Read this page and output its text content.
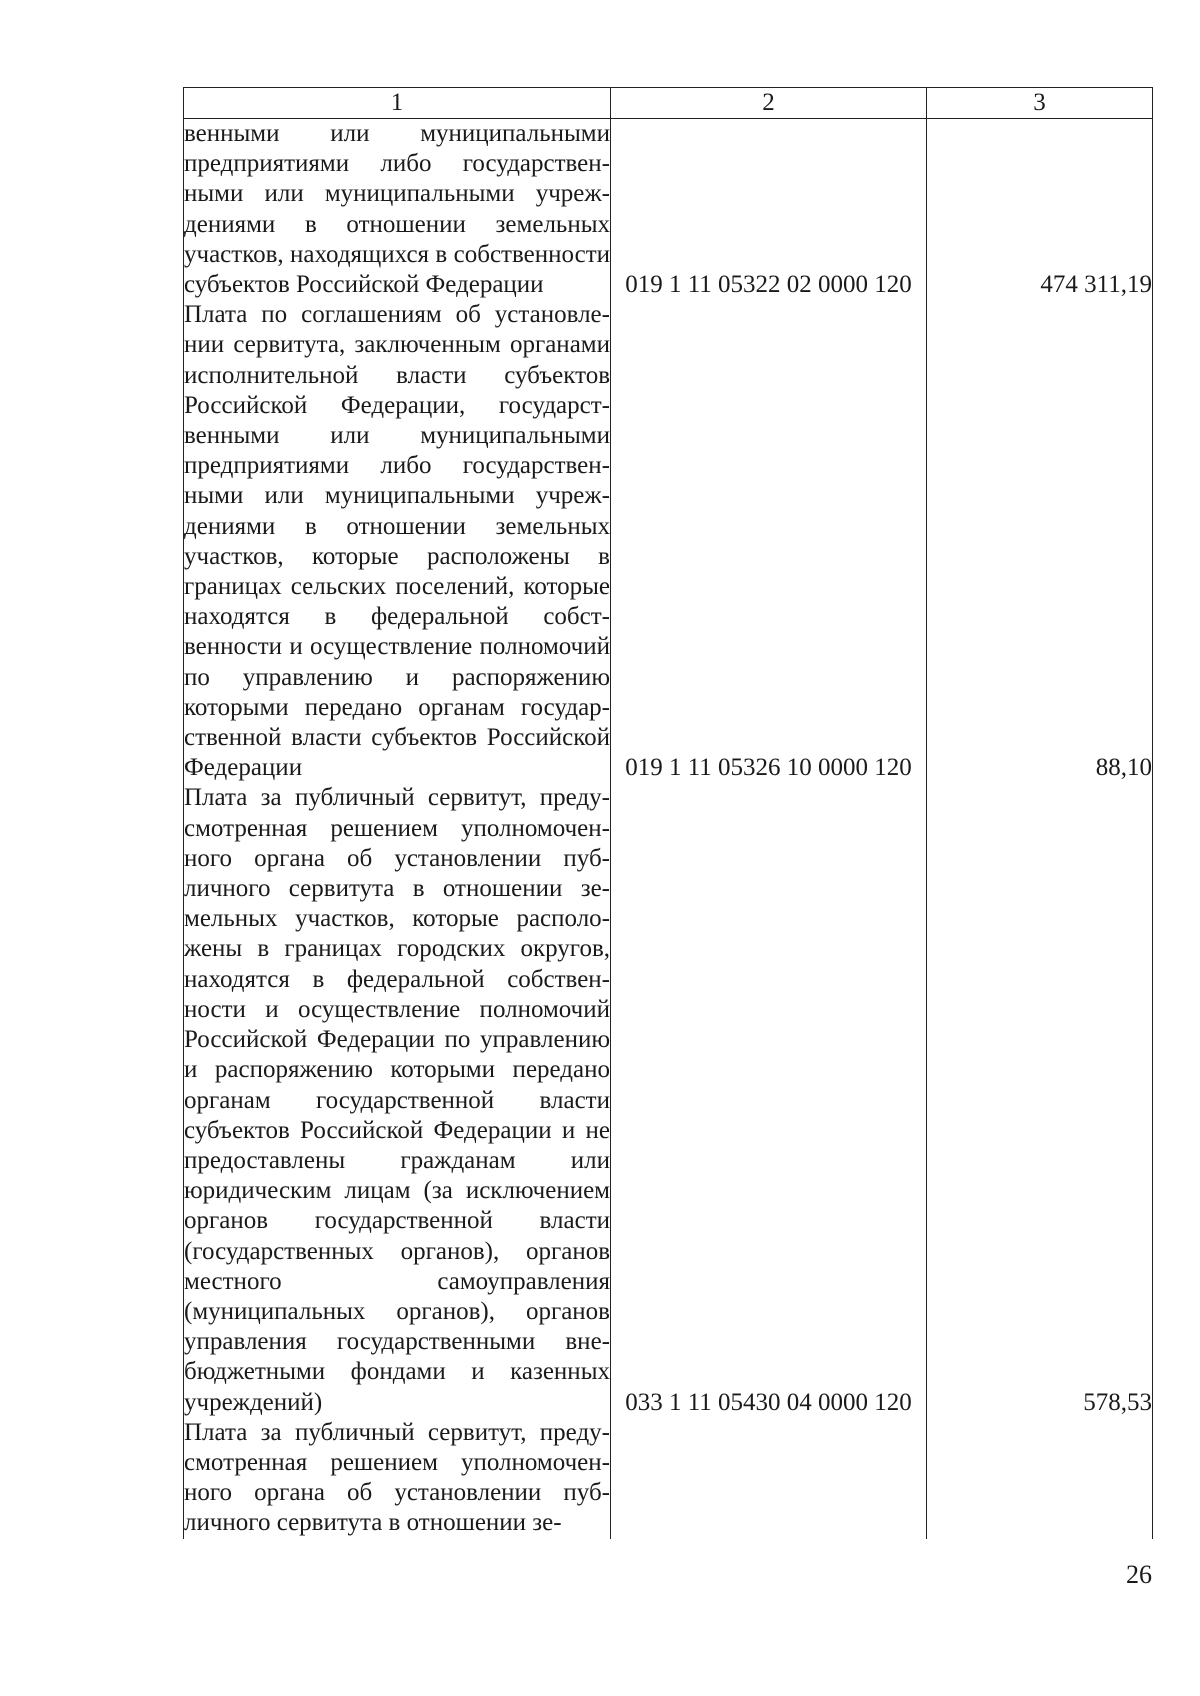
1	2	3
венными или муниципальными предприятиями либо государственными или муниципальными учреждениями в отношении земельных участков, находящихся в собственности субъектов Российской Федерации	019 1 11 05322 02 0000 120	474 311,19
Плата по соглашениям об установлении сервитута, заключенным органами исполнительной власти субъектов Российской Федерации, государственными или муниципальными предприятиями либо государственными или муниципальными учреждениями в отношении земельных участков, которые расположены в границах сельских поселений, которые находятся в федеральной собственности и осуществление полномочий по управлению и распоряжению которыми передано органам государственной власти субъектов Российской Федерации	019 1 11 05326 10 0000 120	88,10
Плата за публичный сервитут, предусмотренная решением уполномоченного органа об установлении публичного сервитута в отношении земельных участков, которые расположены в границах городских округов, находятся в федеральной собственности и осуществление полномочий Российской Федерации по управлению и распоряжению которыми передано органам государственной власти субъектов Российской Федерации и не предоставлены гражданам или юридическим лицам (за исключением органов государственной власти (государственных органов), органов местного самоуправления (муниципальных органов), органов управления государственными внебюджетными фондами и казенных учреждений)	033 1 11 05430 04 0000 120	578,53
Плата за публичный сервитут, предусмотренная решением уполномоченного органа об установлении публичного сервитута в отношении зе-		
26
